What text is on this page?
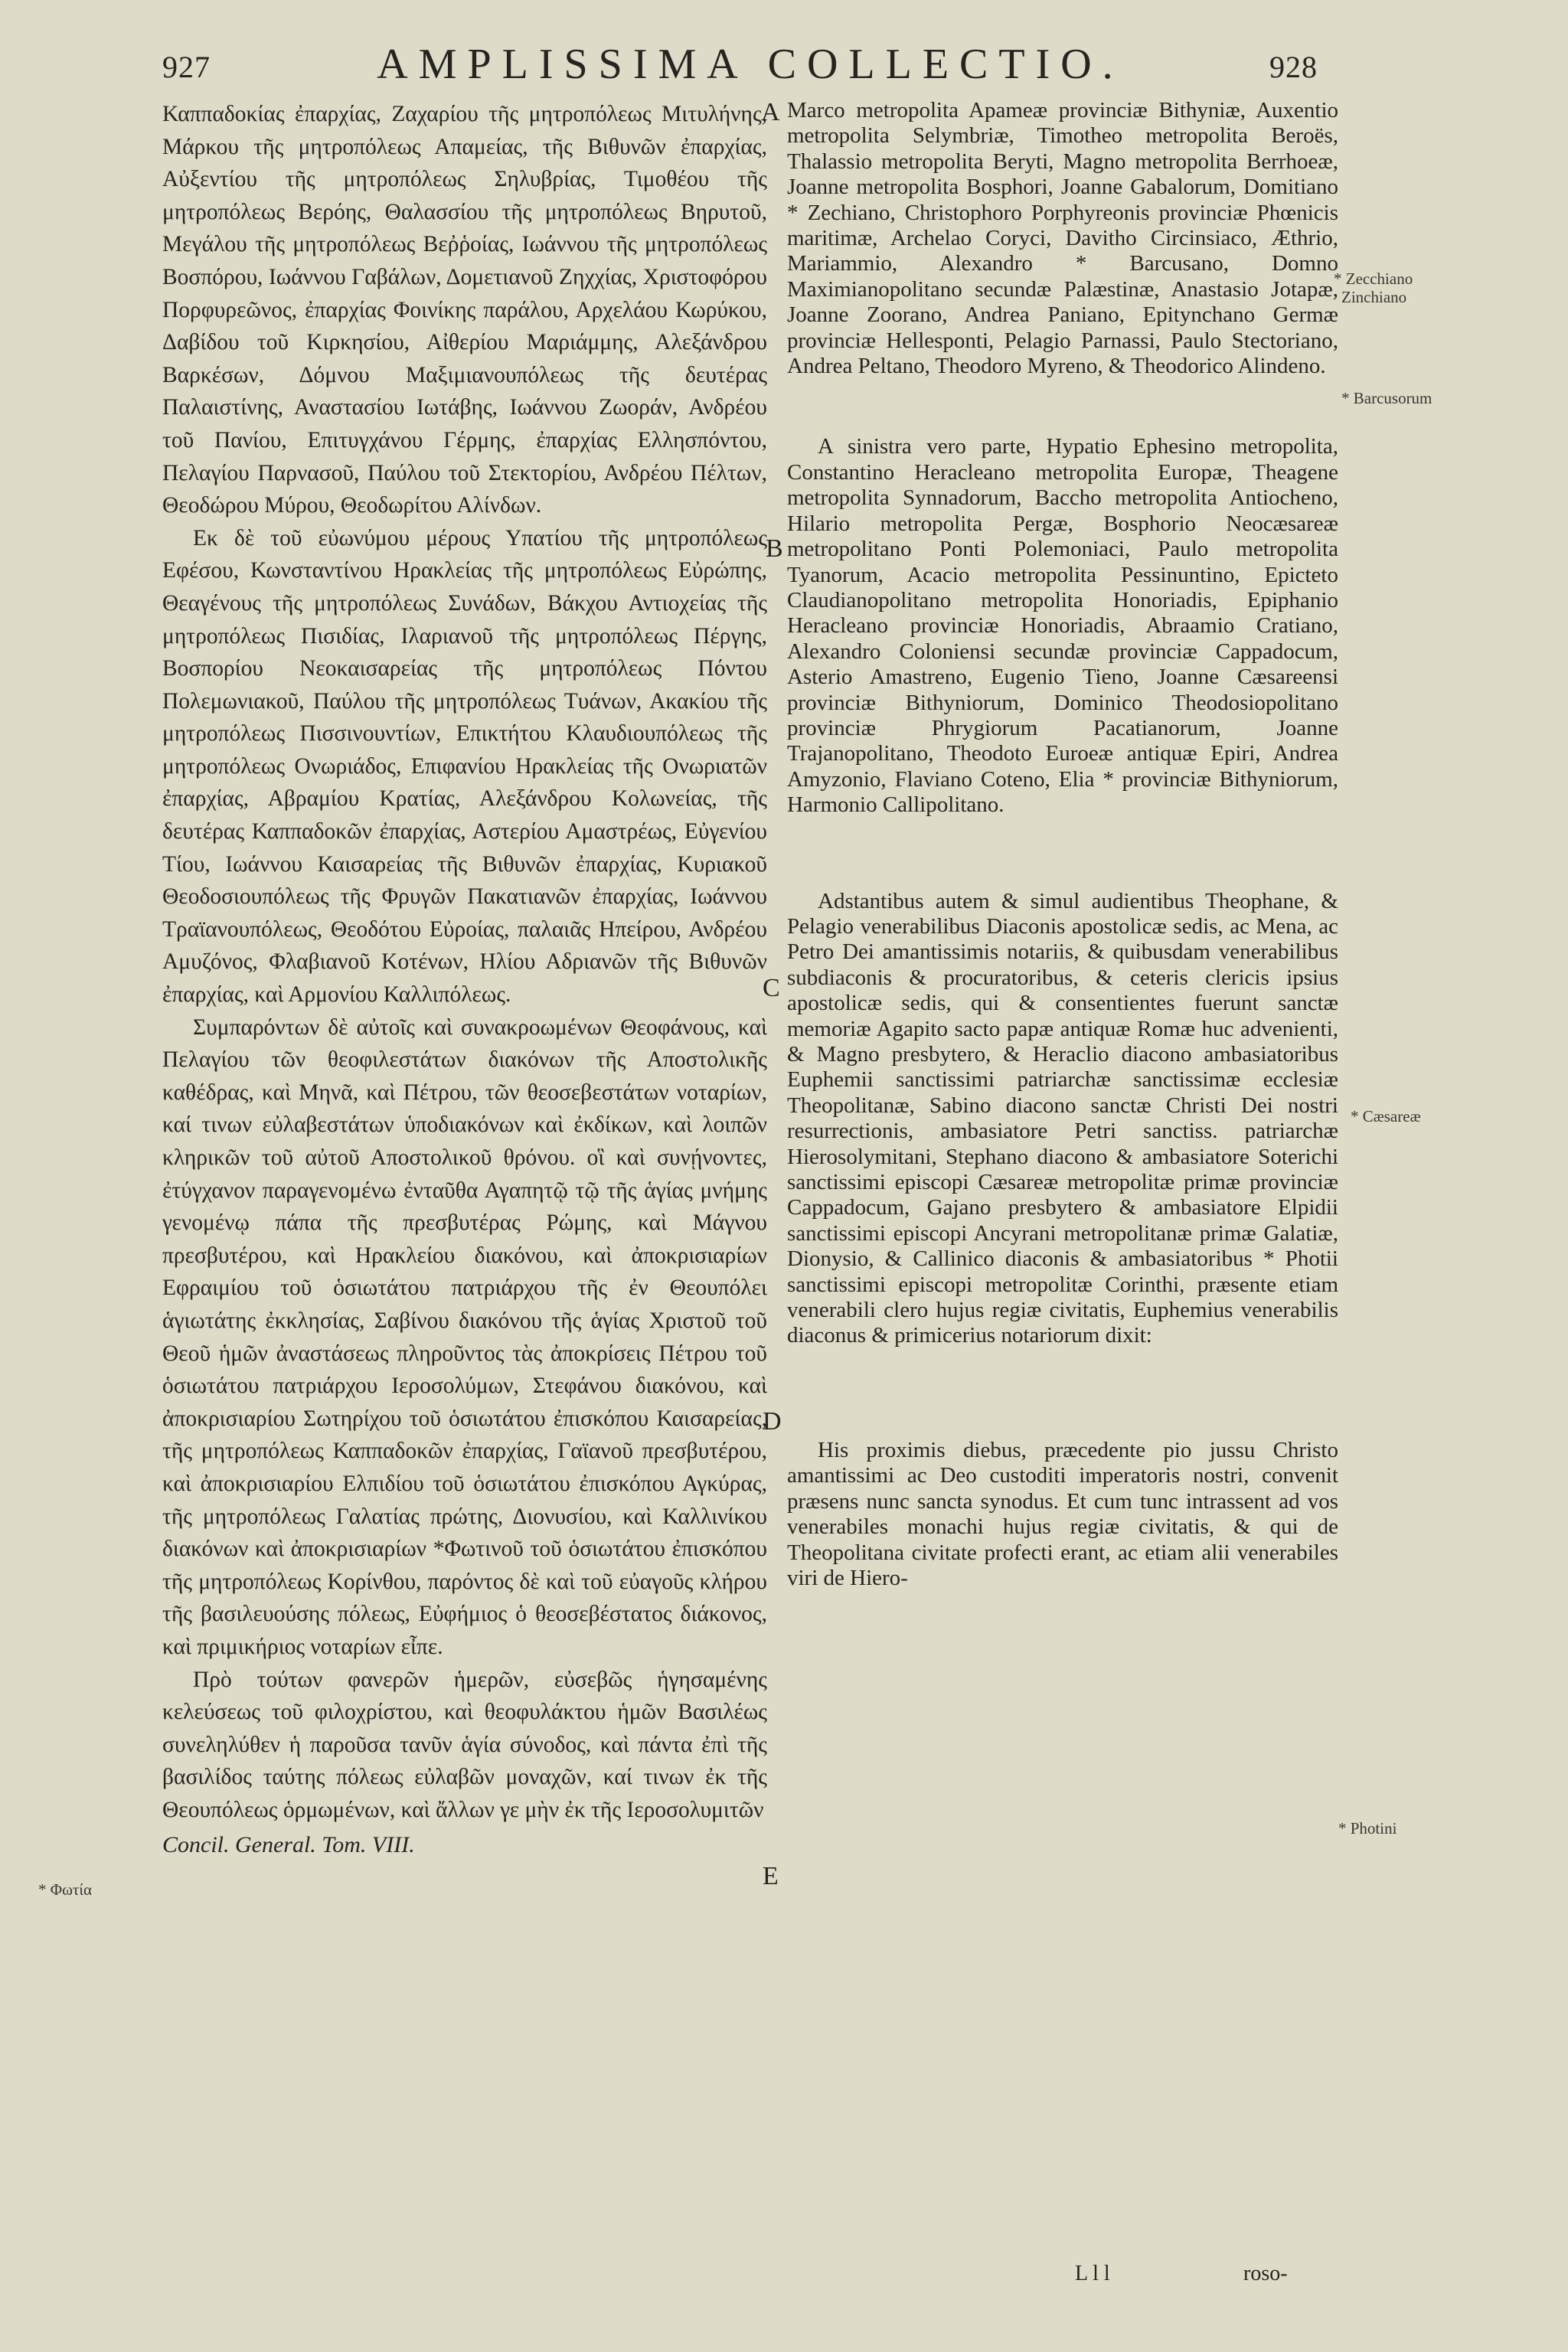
927	AMPLISSIMA COLLECTIO.	928

Καππαδοκίας ἐπαρχίας, Ζαχαρίου τῆς μητροπόλεως Μιτυλήνης, Μάρκου τῆς μητροπόλεως Απαμείας, τῆς Βιθυνῶν ἐπαρχίας, Αὐξεντίου τῆς μητροπόλεως Σηλυβρίας, Τιμοθέου τῆς μητροπόλεως Βερόης, Θαλασσίου τῆς μητροπόλεως Βηρυτοῦ, Μεγάλου τῆς μητροπόλεως Βεῤῥοίας, Ιωάννου τῆς μητροπόλεως Βοσπόρου, Ιωάννου Γαβάλων, Δομετιανοῦ Ζηχχίας, Χριστοφόρου Πορφυρεῶνος, ἐπαρχίας Φοινίκης παράλου, Αρχελάου Κωρύκου, Δαβίδου τοῦ Κιρκησίου, Αἰθερίου Μαριάμμης, Αλεξάνδρου Βαρκέσων, Δόμνου Μαξιμιανουπόλεως τῆς δευτέρας Παλαιστίνης, Αναστασίου Ιωτάβης, Ιωάννου Ζωοράν, Ανδρέου τοῦ Πανίου, Επιτυγχάνου Γέρμης, ἐπαρχίας Ελλησπόντου, Πελαγίου Παρνασοῦ, Παύλου τοῦ Στεκτορίου, Ανδρέου Πέλτων, Θεοδώρου Μύρου, Θεοδωρίτου Αλίνδων.

Εκ δὲ τοῦ εὐωνύμου μέρους Υπατίου τῆς μητροπόλεως Εφέσου, Κωνσταντίνου Ηρακλείας τῆς μητροπόλεως Εὐρώπης, Θεαγένους τῆς μητροπόλεως Συνάδων, Βάκχου Αντιοχείας τῆς μητροπόλεως Πισιδίας, Ιλαριανοῦ τῆς μητροπόλεως Πέργης, Βοσπορίου Νεοκαισαρείας τῆς μητροπόλεως Πόντου Πολεμωνιακοῦ, Παύλου τῆς μητροπόλεως Τυάνων, Ακακίου τῆς μητροπόλεως Πισσινουντίων, Επικτήτου Κλαυδιουπόλεως τῆς μητροπόλεως Ονωριάδος, Επιφανίου Ηρακλείας τῆς Ονωριατῶν ἐπαρχίας, Αβραμίου Κρατίας, Αλεξάνδρου Κολωνείας, τῆς δευτέρας Καππαδοκῶν ἐπαρχίας, Αστερίου Αμαστρέως, Εὐγενίου Τίου, Ιωάννου Καισαρείας τῆς Βιθυνῶν ἐπαρχίας, Κυριακοῦ Θεοδοσιουπόλεως τῆς Φρυγῶν Πακατιανῶν ἐπαρχίας, Ιωάννου Τραϊανουπόλεως, Θεοδότου Εὐροίας, παλαιᾶς Ηπείρου, Ανδρέου Αμυζόνος, Φλαβιανοῦ Κοτένων, Ηλίου Αδριανῶν τῆς Βιθυνῶν ἐπαρχίας, καὶ Αρμονίου Καλλιπόλεως.

Συμπαρόντων δὲ αὐτοῖς καὶ συνακροωμένων Θεοφάνους, καὶ Πελαγίου τῶν θεοφιλεστάτων διακόνων τῆς Αποστολικῆς καθέδρας, καὶ Μηνᾶ, καὶ Πέτρου, τῶν θεοσεβεστάτων νοταρίων, καί τινων εὐλαβεστάτων ὑποδιακόνων καὶ ἐκδίκων, καὶ λοιπῶν κληρικῶν τοῦ αὐτοῦ Αποστολικοῦ θρόνου. οἳ καὶ συνῄνοντες, ἐτύγχανον παραγενομένω ἐνταῦθα Αγαπητῷ τῷ τῆς ἁγίας μνήμης γενομένῳ πάπα τῆς πρεσβυτέρας Ρώμης, καὶ Μάγνου πρεσβυτέρου, καὶ Ηρακλείου διακόνου, καὶ ἀποκρισιαρίων Εφραιμίου τοῦ ὁσιωτάτου πατριάρχου τῆς ἐν Θεουπόλει ἁγιωτάτης ἐκκλησίας, Σαβίνου διακόνου τῆς ἁγίας Χριστοῦ τοῦ Θεοῦ ἡμῶν ἀναστάσεως πληροῦντος τὰς ἀποκρίσεις Πέτρου τοῦ ὁσιωτάτου πατριάρχου Ιεροσολύμων, Στεφάνου διακόνου, καὶ ἀποκρισιαρίου Σωτηρίχου τοῦ ὁσιωτάτου ἐπισκόπου Καισαρείας, τῆς μητροπόλεως Καππαδοκῶν ἐπαρχίας, Γαϊανοῦ πρεσβυτέρου, καὶ ἀποκρισιαρίου Ελπιδίου τοῦ ὁσιωτάτου ἐπισκόπου Αγκύρας, τῆς μητροπόλεως Γαλατίας πρώτης, Διονυσίου, καὶ Καλλινίκου διακόνων καὶ ἀποκρισιαρίων *Φωτινοῦ τοῦ ὁσιωτάτου ἐπισκόπου τῆς μητροπόλεως Κορίνθου, παρόντος δὲ καὶ τοῦ εὐαγοῦς κλήρου τῆς βασιλευούσης πόλεως, Εὐφήμιος ὁ θεοσεβέστατος διάκονος, καὶ πριμικήριος νοταρίων εἶπε.

Πρὸ τούτων φανερῶν ἡμερῶν, εὐσεβῶς ἡγησαμένης κελεύσεως τοῦ φιλοχρίστου, καὶ θεοφυλάκτου ἡμῶν Βασιλέως συνεληλύθεν ἡ παροῦσα τανῦν ἁγία σύνοδος, καὶ πάντα ἐπὶ τῆς βασιλίδος ταύτης πόλεως εὐλαβῶν μοναχῶν, καί τινων ἐκ τῆς Θεουπόλεως ὁρμωμένων, καὶ ἄλλων γε μὴν ἐκ τῆς Ιεροσολυμιτῶν

Concil. General. Tom. VIII.

Marco metropolita Apameæ provinciæ Bithyniæ, Auxentio metropolita Selymbriæ, Timotheo metropolita Beroës, Thalassio metropolita Beryti, Magno metropolita Berrhoeæ, Joanne metropolita Bosphori, Joanne Gabalorum, Domitiano * Zechiano, Christophoro Porphyreonis provinciæ Phœnicis maritimæ, Archelao Coryci, Davitho Circinsiaco, Æthrio, Mariammio, Alexandro * Barcusano, Domno Maximianopolitano secundæ Palæstinæ, Anastasio Jotapæ, Joanne Zoorano, Andrea Paniano, Epitynchano Germæ provinciæ Hellesponti, Pelagio Parnassi, Paulo Stectoriano, Andrea Peltano, Theodoro Myreno, & Theodorico Alindeno.

A sinistra vero parte, Hypatio Ephesino metropolita, Constantino Heracleano metropolita Europæ, Theagene metropolita Synnadorum, Baccho metropolita Antiocheno, Hilario metropolita Pergæ, Bosphorio Neocæsareæ metropolitano Ponti Polemoniaci, Paulo metropolita Tyanorum, Acacio metropolita Pessinuntino, Epicteto Claudianopolitano metropolita Honoriadis, Epiphanio Heracleano provinciæ Honoriadis, Abraamio Cratiano, Alexandro Coloniensi secundæ provinciæ Cappadocum, Asterio Amastreno, Eugenio Tieno, Joanne Cæsareensi provinciæ Bithyniorum, Dominico Theodosiopolitano provinciæ Phrygiorum Pacatianorum, Joanne Trajanopolitano, Theodoto Euroeæ antiquæ Epiri, Andrea Amyzonio, Flaviano Coteno, Elia * provinciæ Bithyniorum, Harmonio Callipolitano.

Adstantibus autem & simul audientibus Theophane, & Pelagio venerabilibus Diaconis apostolicæ sedis, ac Mena, ac Petro Dei amantissimis notariis, & quibusdam venerabilibus subdiaconis & procuratoribus, & ceteris clericis ipsius apostolicæ sedis, qui & consentientes fuerunt sanctæ memoriæ Agapito sacto papæ antiquæ Romæ huc advenienti, & Magno presbytero, & Heraclio diacono ambasiatoribus Euphemii sanctissimi patriarchæ sanctissimæ ecclesiæ Theopolitanæ, Sabino diacono sanctæ Christi Dei nostri resurrectionis, ambasiatore Petri sanctiss. patriarchæ Hierosolymitani, Stephano diacono & ambasiatore Soterichi sanctissimi episcopi Cæsareæ metropolitæ primæ provinciæ Cappadocum, Gajano presbytero & ambasiatore Elpidii sanctissimi episcopi Ancyrani metropolitanæ primæ Galatiæ, Dionysio, & Callinico diaconis & ambasiatoribus * Photii sanctissimi episcopi metropolitæ Corinthi, præsente etiam venerabili clero hujus regiæ civitatis, Euphemius venerabilis diaconus & primicerius notariorum dixit:

His proximis diebus, præcedente pio jussu Christo amantissimi ac Deo custoditi imperatoris nostri, convenit præsens nunc sancta synodus. Et cum tunc intrassent ad vos venerabiles monachi hujus regiæ civitatis, & qui de Theopolitana civitate profecti erant, ac etiam alii venerabiles viri de Hiero-

A
B
C
D
E
* Zecchiano
Zinchiano
* Barcusorum
* Cæsareæ
* Photini
* Φωτία
L l l	roso-
